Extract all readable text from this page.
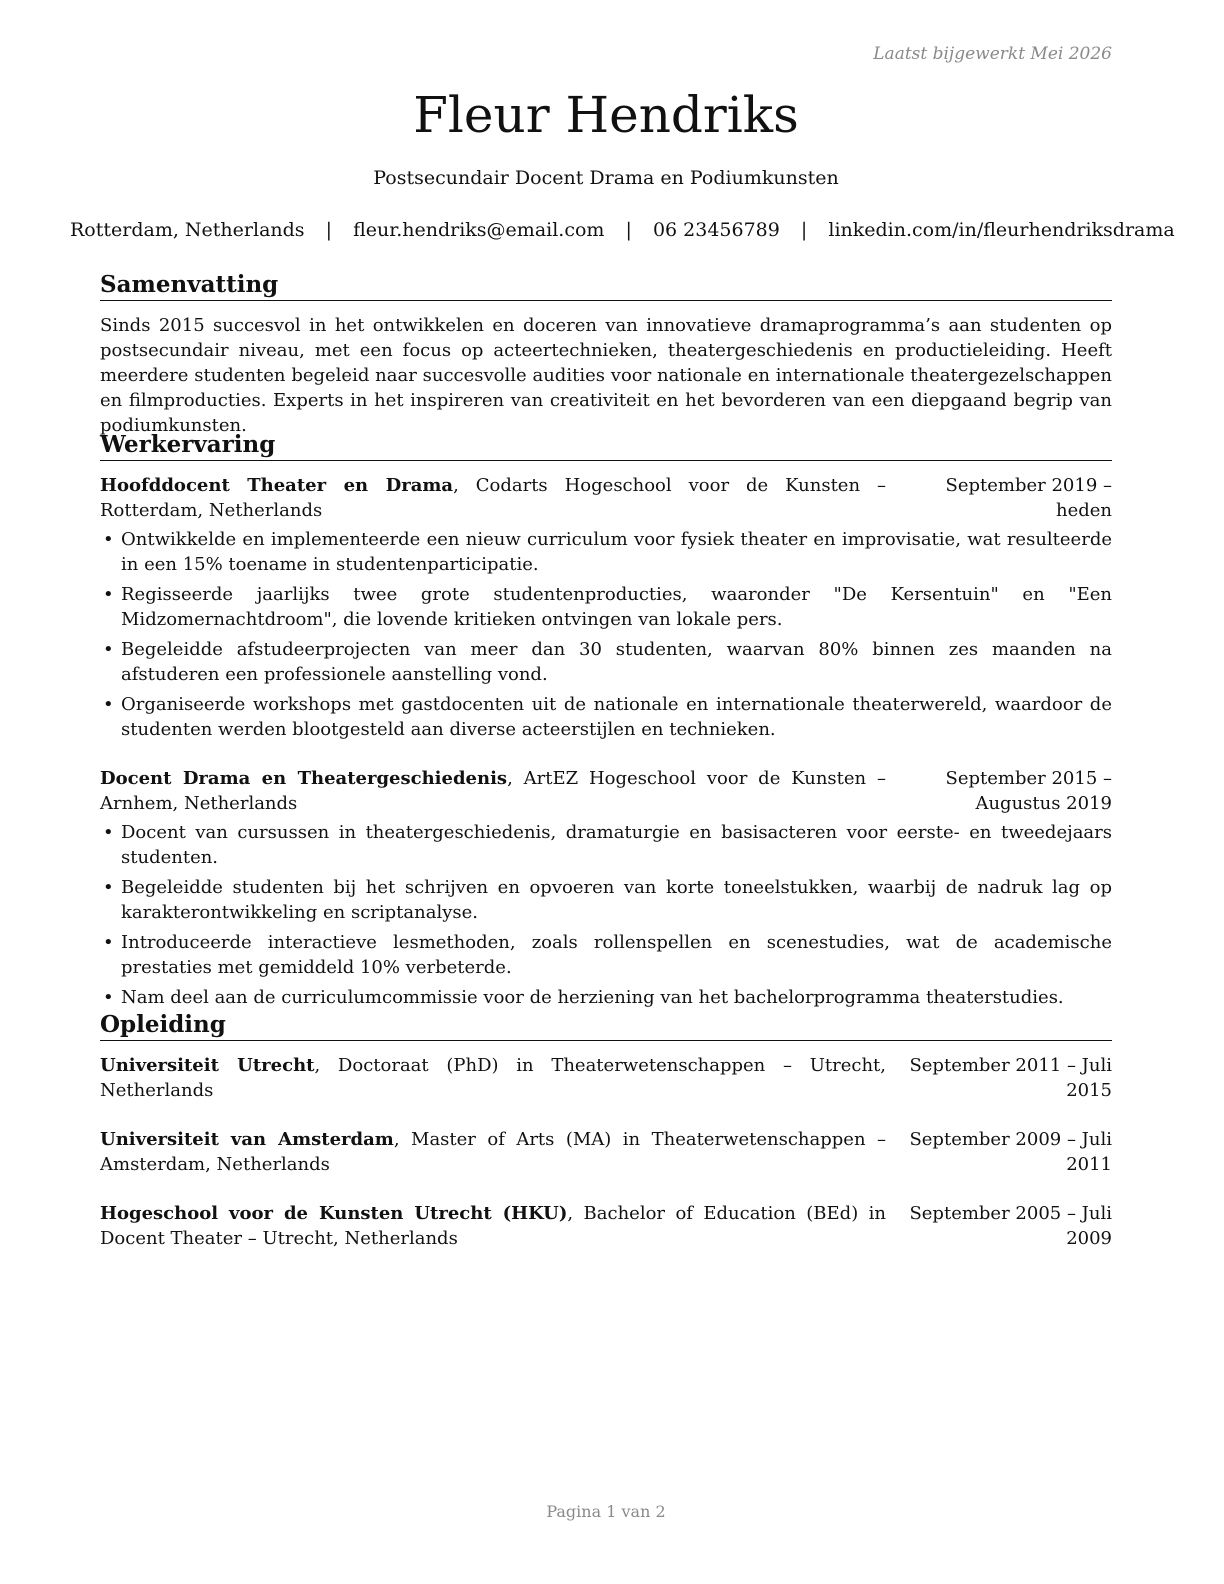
Laatst bijgewerkt Mei 2026
Fleur Hendriks
Postsecundair Docent Drama en Podiumkunsten
Rotterdam, Netherlands | fleur.hendriks@email.com | 06 23456789 | linkedin.com/in/fleurhendriksdrama
Samenvatting

Sinds 2015 succesvol in het ontwikkelen en doceren van innovatieve dramaprogramma’s aan studenten op postsecundair niveau, met een focus op acteertechnieken, theatergeschiedenis en productieleiding. Heeft meerdere studenten begeleid naar succesvolle audities voor nationale en internationale theatergezelschappen en filmproducties. Experts in het inspireren van creativiteit en het bevorderen van een diepgaand begrip van podiumkunsten.

Werkervaring
Hoofddocent Theater en Drama, Codarts Hogeschool voor de Kunsten – Rotterdam, Netherlands
September 2019 – heden
• Ontwikkelde en implementeerde een nieuw curriculum voor fysiek theater en improvisatie, wat resulteerde in een 15% toename in studentenparticipatie.
• Regisseerde jaarlijks twee grote studentenproducties, waaronder "De Kersentuin" en "Een Midzomernachtdroom", die lovende kritieken ontvingen van lokale pers.
• Begeleidde afstudeerprojecten van meer dan 30 studenten, waarvan 80% binnen zes maanden na afstuderen een professionele aanstelling vond.
• Organiseerde workshops met gastdocenten uit de nationale en internationale theaterwereld, waardoor de studenten werden blootgesteld aan diverse acteerstijlen en technieken.
Docent Drama en Theatergeschiedenis, ArtEZ Hogeschool voor de Kunsten – Arnhem, Netherlands
September 2015 – Augustus 2019
• Docent van cursussen in theatergeschiedenis, dramaturgie en basisacteren voor eerste- en tweedejaars studenten.
• Begeleidde studenten bij het schrijven en opvoeren van korte toneelstukken, waarbij de nadruk lag op karakterontwikkeling en scriptanalyse.
• Introduceerde interactieve lesmethoden, zoals rollenspellen en scenestudies, wat de academische prestaties met gemiddeld 10% verbeterde.
• Nam deel aan de curriculumcommissie voor de herziening van het bachelorprogramma theaterstudies.
Opleiding
Universiteit Utrecht, Doctoraat (PhD) in Theaterwetenschappen – Utrecht, Netherlands
September 2011 – Juli 2015
Universiteit van Amsterdam, Master of Arts (MA) in Theaterwetenschappen – Amsterdam, Netherlands
September 2009 – Juli 2011
Hogeschool voor de Kunsten Utrecht (HKU), Bachelor of Education (BEd) in Docent Theater – Utrecht, Netherlands
September 2005 – Juli 2009
Pagina 1 van 2
